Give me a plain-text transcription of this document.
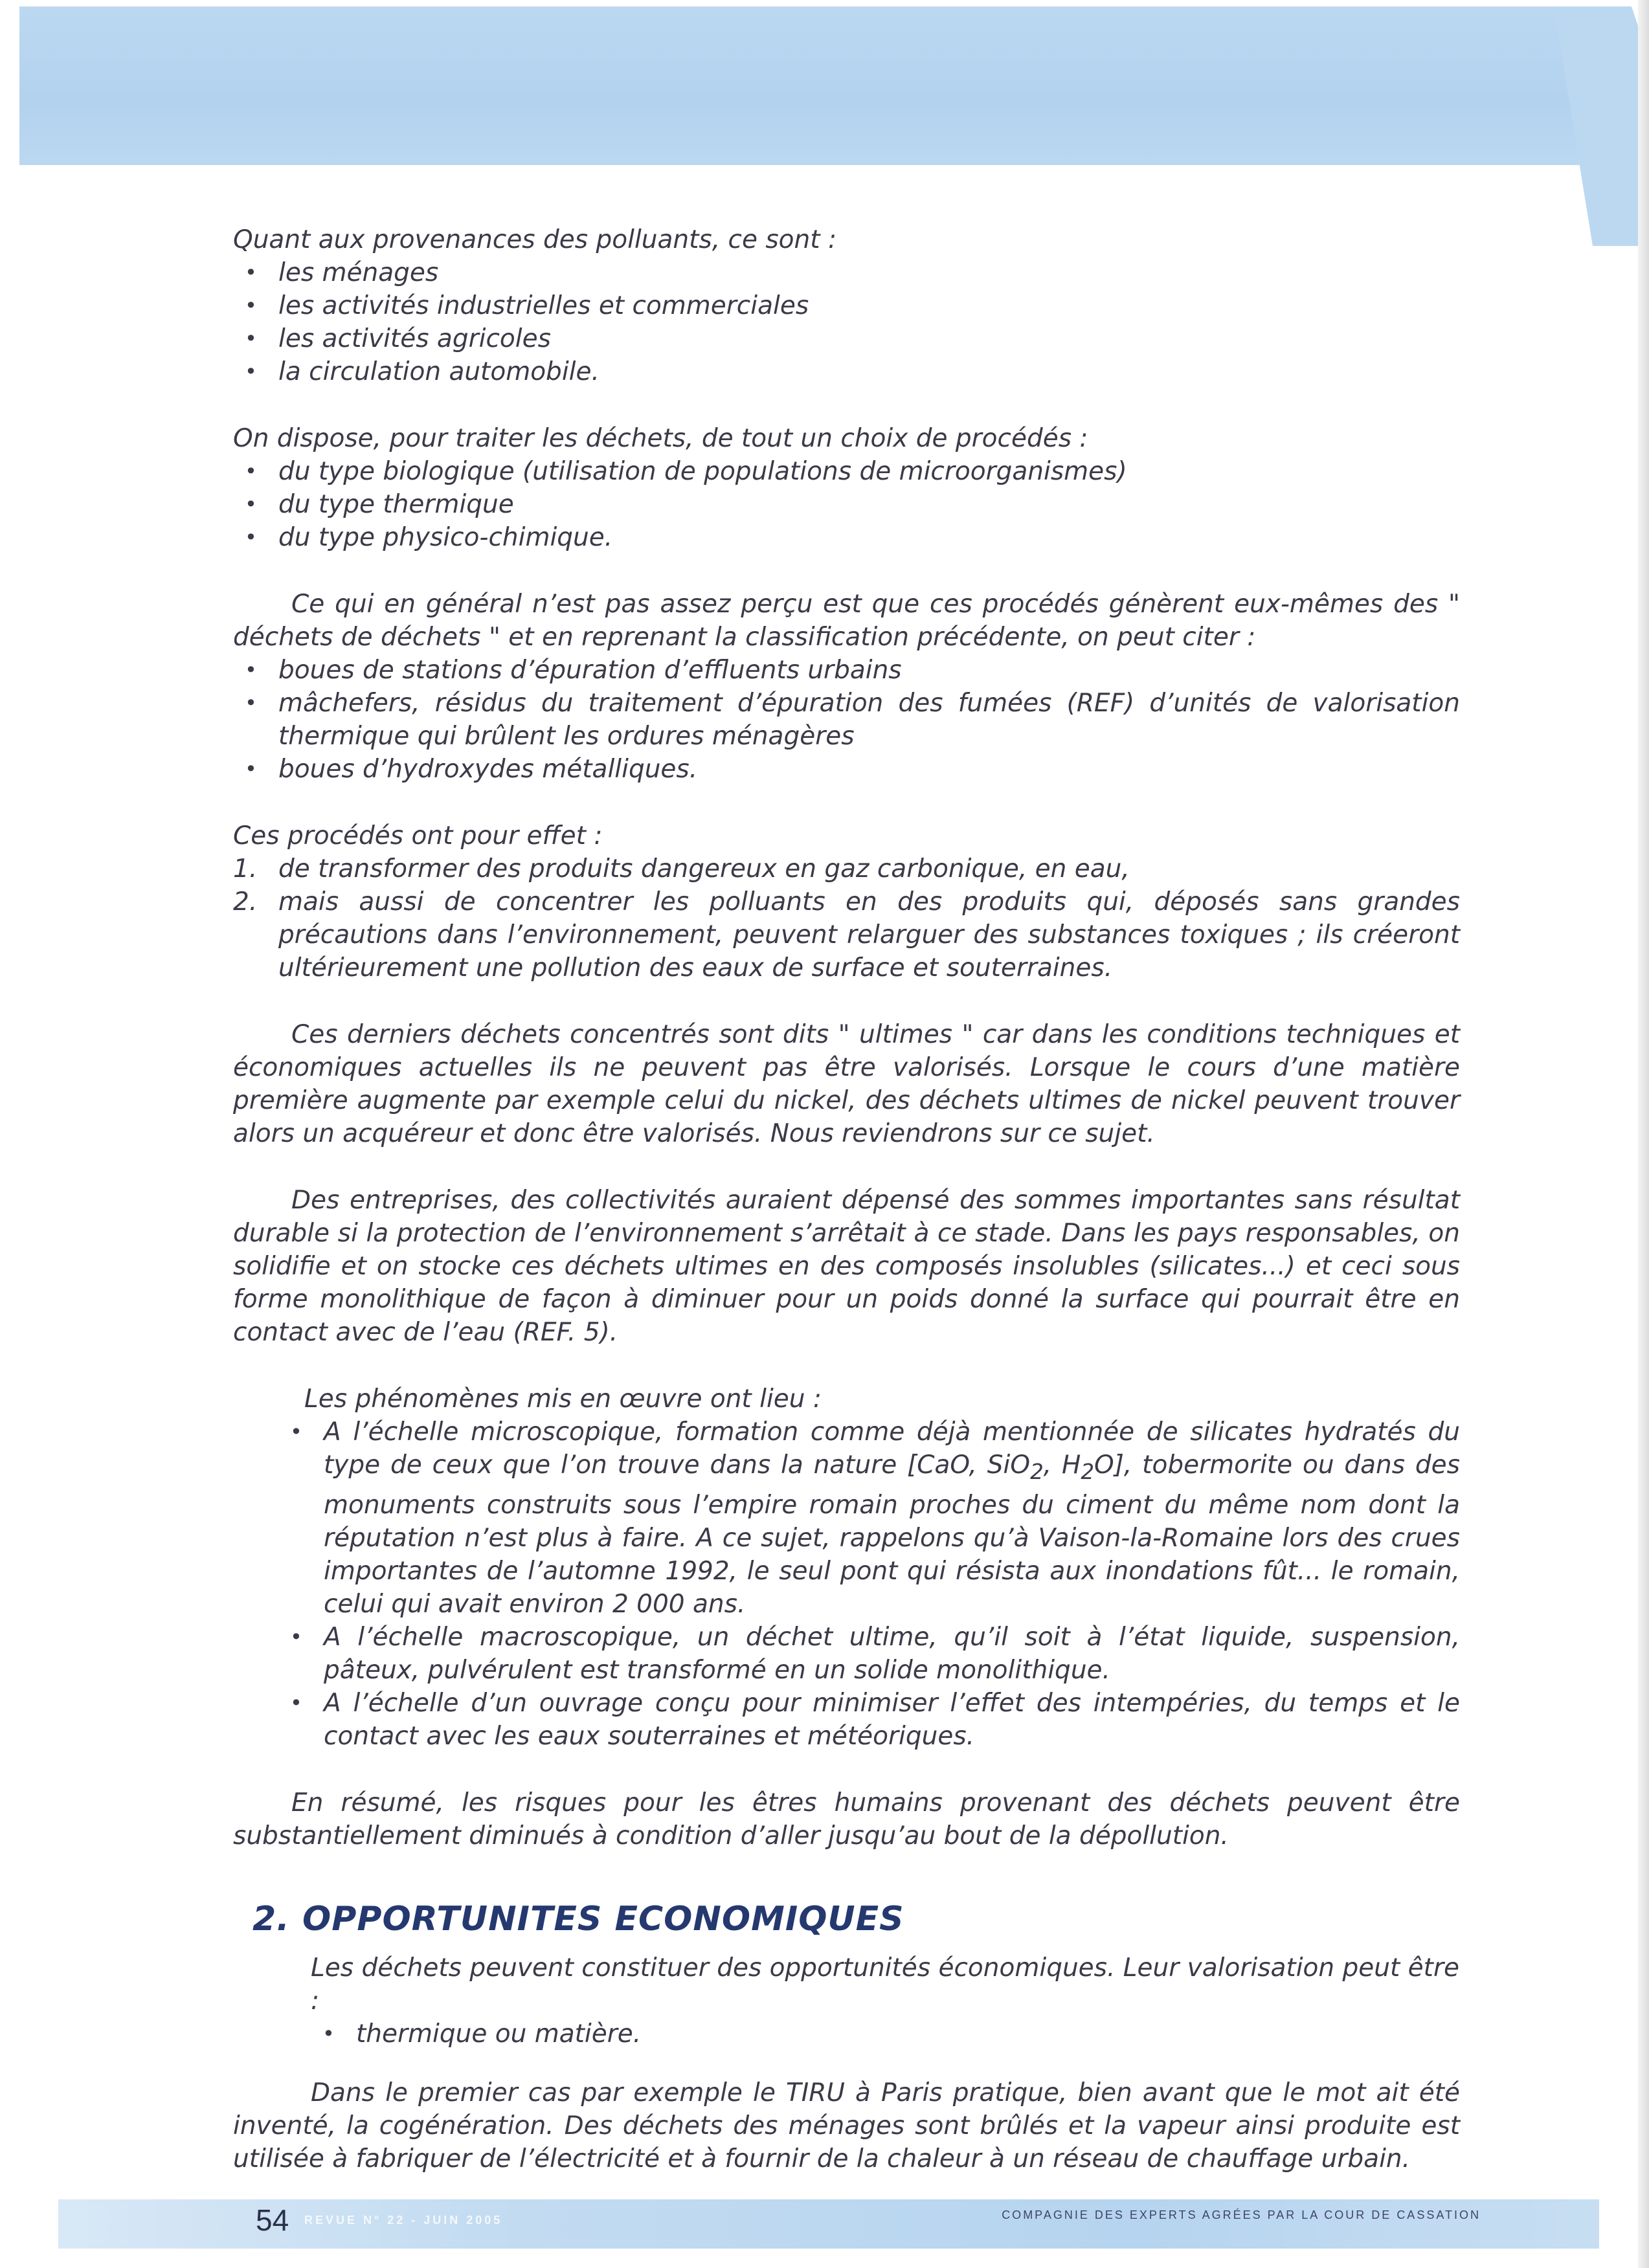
Quant aux provenances des polluants, ce sont :

• les ménages
• les activités industrielles et commerciales
• les activités agricoles
• la circulation automobile.

On dispose, pour traiter les déchets, de tout un choix de procédés :

• du type biologique (utilisation de populations de microorganismes)
• du type thermique
• du type physico-chimique.

Ce qui en général n’est pas assez perçu est que ces procédés génèrent eux-mêmes des " déchets de déchets " et en reprenant la classification précédente, on peut citer :

• boues de stations d’épuration d’effluents urbains
• mâchefers, résidus du traitement d’épuration des fumées (REF) d’unités de valorisation thermique qui brûlent les ordures ménagères
• boues d’hydroxydes métalliques.

Ces procédés ont pour effet :

1. de transformer des produits dangereux en gaz carbonique, en eau,
2. mais aussi de concentrer les polluants en des produits qui, déposés sans grandes précautions dans l’environnement, peuvent relarguer des substances toxiques ; ils créeront ultérieurement une pollution des eaux de surface et souterraines.

Ces derniers déchets concentrés sont dits " ultimes " car dans les conditions techniques et économiques actuelles ils ne peuvent pas être valorisés. Lorsque le cours d’une matière première augmente par exemple celui du nickel, des déchets ultimes de nickel peuvent trouver alors un acquéreur et donc être valorisés. Nous reviendrons sur ce sujet.

Des entreprises, des collectivités auraient dépensé des sommes importantes sans résultat durable si la protection de l’environnement s’arrêtait à ce stade. Dans les pays responsables, on solidifie et on stocke ces déchets ultimes en des composés insolubles (silicates...) et ceci sous forme monolithique de façon à diminuer pour un poids donné la surface qui pourrait être en contact avec de l’eau (REF. 5).

Les phénomènes mis en œuvre ont lieu :

• A l’échelle microscopique, formation comme déjà mentionnée de silicates hydratés du type de ceux que l’on trouve dans la nature [CaO, SiO$_2$, $H_2O$], tobermorite ou dans des monuments construits sous l’empire romain proches du ciment du même nom dont la réputation n’est plus à faire. A ce sujet, rappelons qu’à Vaison-la-Romaine lors des crues importantes de l’automne 1992, le seul pont qui résista aux inondations fût... le romain, celui qui avait environ 2 000 ans.
• A l’échelle macroscopique, un déchet ultime, qu’il soit à l’état liquide, suspension, pâteux, pulvérulent est transformé en un solide monolithique.
• A l’échelle d’un ouvrage conçu pour minimiser l’effet des intempéries, du temps et le contact avec les eaux souterraines et météoriques.

En résumé, les risques pour les êtres humains provenant des déchets peuvent être substantiellement diminués à condition d’aller jusqu’au bout de la dépollution.

2. OPPORTUNITES ECONOMIQUES

Les déchets peuvent constituer des opportunités économiques. Leur valorisation peut être :

• thermique ou matière.

Dans le premier cas par exemple le TIRU à Paris pratique, bien avant que le mot ait été inventé, la cogénération. Des déchets des ménages sont brûlés et la vapeur ainsi produite est utilisée à fabriquer de l’électricité et à fournir de la chaleur à un réseau de chauffage urbain.

54 REVUE N° 22 - JUIN 2005	COMPAGNIE DES EXPERTS AGRÉES PAR LA COUR DE CASSATION
